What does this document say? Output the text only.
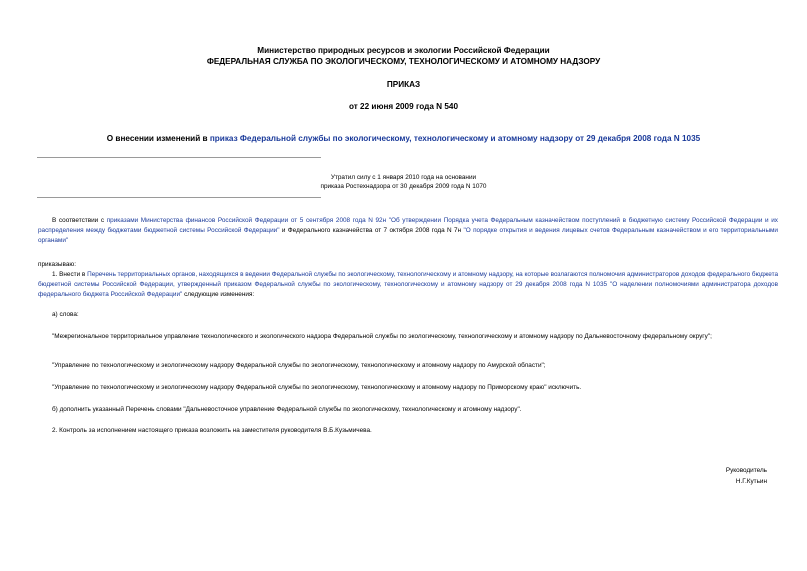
Министерство природных ресурсов и экологии Российской Федерации
ФЕДЕРАЛЬНАЯ СЛУЖБА ПО ЭКОЛОГИЧЕСКОМУ, ТЕХНОЛОГИЧЕСКОМУ И АТОМНОМУ НАДЗОРУ
ПРИКАЗ
от 22 июня 2009 года N 540
О внесении изменений в приказ Федеральной службы по экологическому, технологическому и атомному надзору от 29 декабря 2008 года N 1035
Утратил силу с 1 января 2010 года на основании
приказа Ростехнадзора от 30 декабря 2009 года N 1070
В соответствии с приказами Министерства финансов Российской Федерации от 5 сентября 2008 года N 92н "Об утверждении Порядка учета Федеральным казначейством поступлений в бюджетную систему Российской Федерации и их распределения между бюджетами бюджетной системы Российской Федерации" и Федерального казначейства от 7 октября 2008 года N 7н "О порядке открытия и ведения лицевых счетов Федеральным казначейством и его территориальными органами"
приказываю:
1. Внести в Перечень территориальных органов, находящихся в ведении Федеральной службы по экологическому, технологическому и атомному надзору, на которые возлагаются полномочия администраторов доходов федерального бюджета бюджетной системы Российской Федерации, утвержденный приказом Федеральной службы по экологическому, технологическому и атомному надзору от 29 декабря 2008 года N 1035 "О наделении полномочиями администратора доходов федерального бюджета Российской Федерации" следующие изменения:
а) слова:
"Межрегиональное территориальное управление технологического и экологического надзора Федеральной службы по экологическому, технологическому и атомному надзору по Дальневосточному федеральному округу";
"Управление по технологическому и экологическому надзору Федеральной службы по экологическому, технологическому и атомному надзору по Амурской области";
"Управление по технологическому и экологическому надзору Федеральной службы по экологическому, технологическому и атомному надзору по Приморскому краю" исключить.
б) дополнить указанный Перечень словами "Дальневосточное управление Федеральной службы по экологическому, технологическому и атомному надзору".
2. Контроль за исполнением настоящего приказа возложить на заместителя руководителя В.Б.Кузьмичева.
Руководитель
Н.Г.Кутьин
